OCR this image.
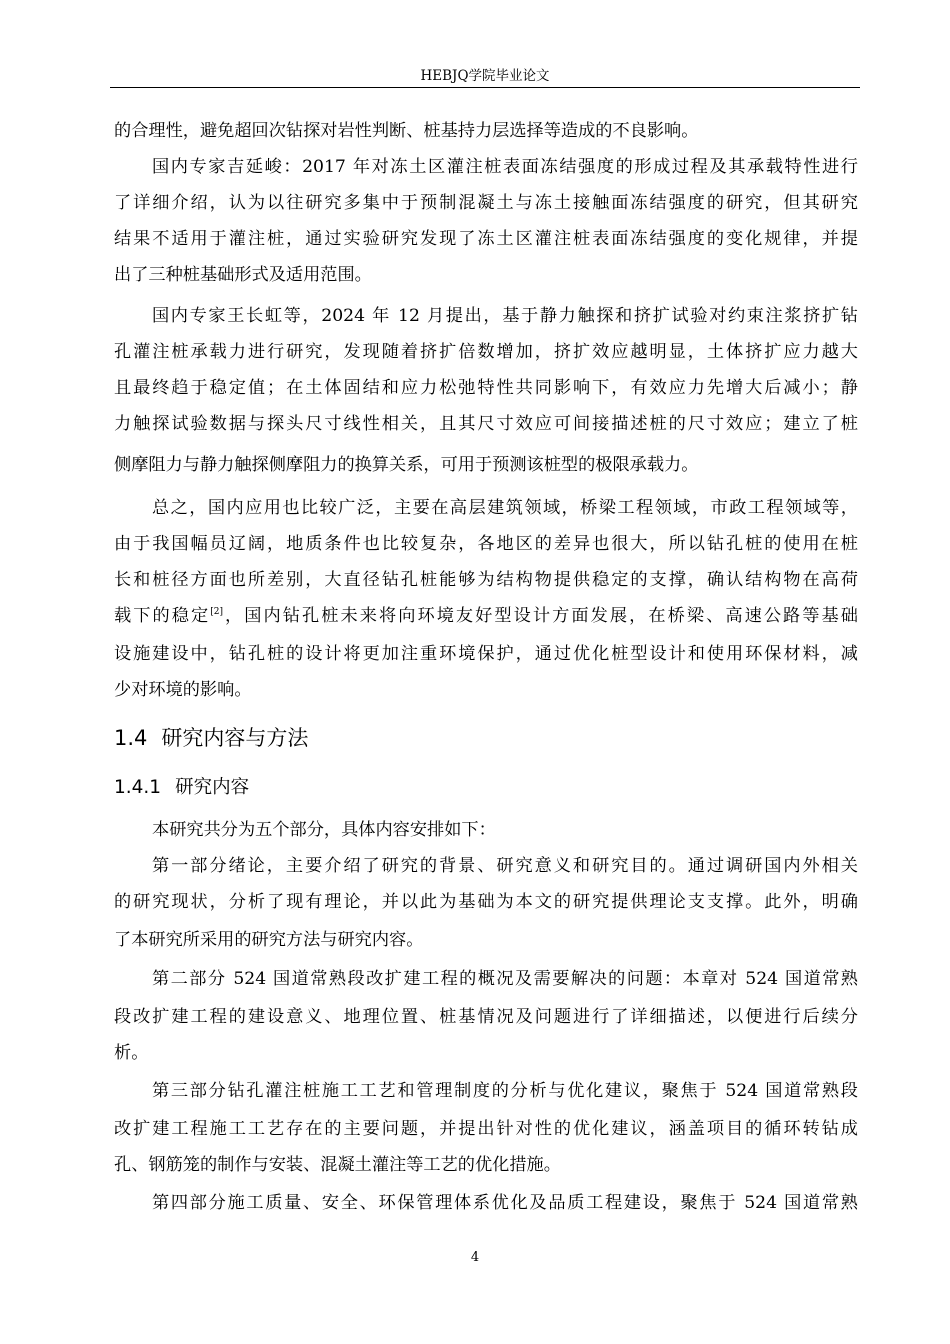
HEBJQ学院毕业论文
的合理性，避免超回次钻探对岩性判断、桩基持力层选择等造成的不良影响。
国内专家吉延峻：2017 年对冻土区灌注桩表面冻结强度的形成过程及其承载特性进行
了详细介绍，认为以往研究多集中于预制混凝土与冻土接触面冻结强度的研究，但其研究
结果不适用于灌注桩，通过实验研究发现了冻土区灌注桩表面冻结强度的变化规律，并提
出了三种桩基础形式及适用范围。
国内专家王长虹等，2024 年 12 月提出，基于静力触探和挤扩试验对约束注浆挤扩钻
孔灌注桩承载力进行研究，发现随着挤扩倍数增加，挤扩效应越明显，土体挤扩应力越大
且最终趋于稳定值；在土体固结和应力松弛特性共同影响下，有效应力先增大后减小；静
力触探试验数据与探头尺寸线性相关，且其尺寸效应可间接描述桩的尺寸效应；建立了桩
侧摩阻力与静力触探侧摩阻力的换算关系，可用于预测该桩型的极限承载力。
总之，国内应用也比较广泛，主要在高层建筑领域，桥梁工程领域，市政工程领域等，
由于我国幅员辽阔，地质条件也比较复杂，各地区的差异也很大，所以钻孔桩的使用在桩
长和桩径方面也所差别，大直径钻孔桩能够为结构物提供稳定的支撑，确认结构物在高荷
载下的稳定[2]，国内钻孔桩未来将向环境友好型设计方面发展，在桥梁、高速公路等基础
设施建设中，钻孔桩的设计将更加注重环境保护，通过优化桩型设计和使用环保材料，减
少对环境的影响。
1.4 研究内容与方法
1.4.1 研究内容
本研究共分为五个部分，具体内容安排如下：
第一部分绪论，主要介绍了研究的背景、研究意义和研究目的。通过调研国内外相关
的研究现状，分析了现有理论，并以此为基础为本文的研究提供理论支支撑。此外，明确
了本研究所采用的研究方法与研究内容。
第二部分 524 国道常熟段改扩建工程的概况及需要解决的问题：本章对 524 国道常熟
段改扩建工程的建设意义、地理位置、桩基情况及问题进行了详细描述，以便进行后续分
析。
第三部分钻孔灌注桩施工工艺和管理制度的分析与优化建议，聚焦于 524 国道常熟段
改扩建工程施工工艺存在的主要问题，并提出针对性的优化建议，涵盖项目的循环转钻成
孔、钢筋笼的制作与安装、混凝土灌注等工艺的优化措施。
第四部分施工质量、安全、环保管理体系优化及品质工程建设，聚焦于 524 国道常熟
4
